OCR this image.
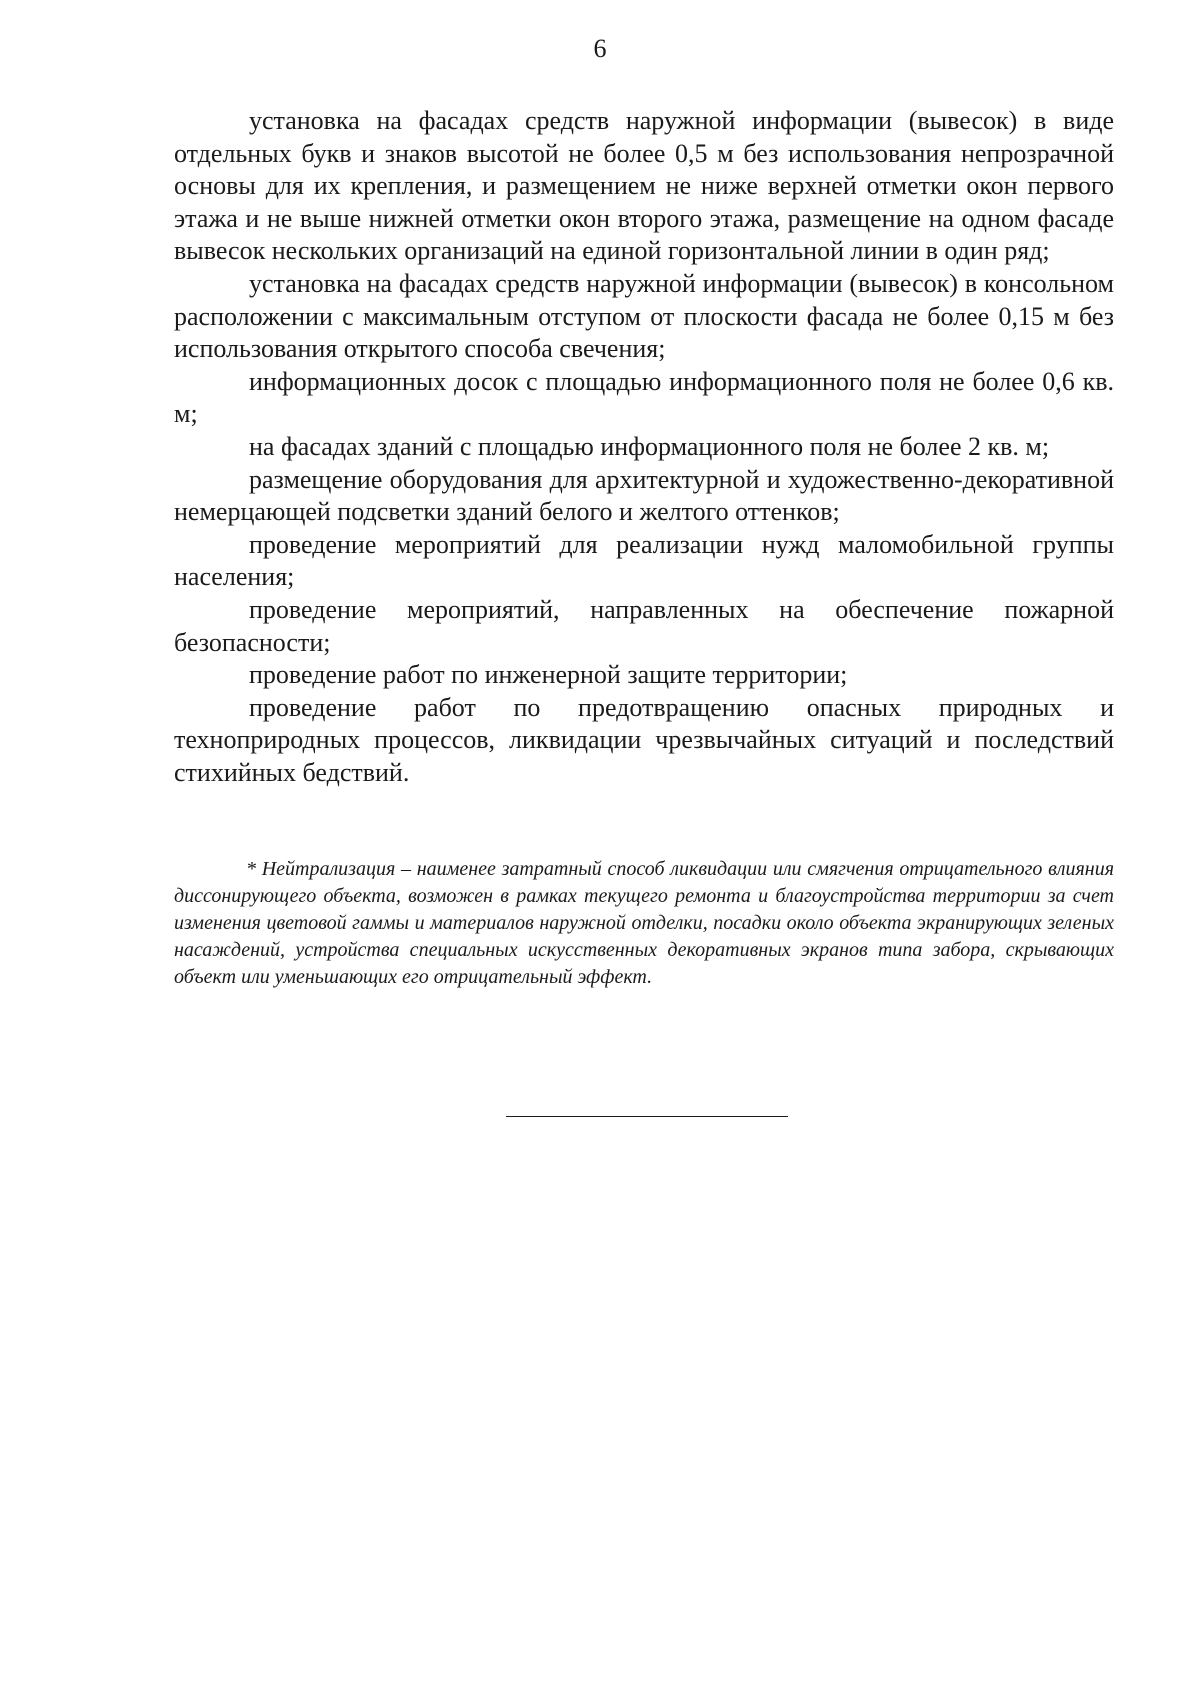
6

установка на фасадах средств наружной информации (вывесок) в виде отдельных букв и знаков высотой не более 0,5 м без использования непрозрачной основы для их крепления, и размещением не ниже верхней отметки окон первого этажа и не выше нижней отметки окон второго этажа, размещение на одном фасаде вывесок нескольких организаций на единой горизонтальной линии в один ряд;

установка на фасадах средств наружной информации (вывесок) в консольном расположении с максимальным отступом от плоскости фасада не более 0,15 м без использования открытого способа свечения;

информационных досок с площадью информационного поля не более 0,6 кв. м;

на фасадах зданий с площадью информационного поля не более 2 кв. м;

размещение оборудования для архитектурной и художественно-декоративной немерцающей подсветки зданий белого и желтого оттенков;

проведение мероприятий для реализации нужд маломобильной группы населения;

проведение мероприятий, направленных на обеспечение пожарной безопасности;

проведение работ по инженерной защите территории;

проведение работ по предотвращению опасных природных и технoприродных процессов, ликвидации чрезвычайных ситуаций и последствий стихийных бедствий.

* Нейтрализация – наименее затратный способ ликвидации или смягчения отрицательного влияния диссонирующего объекта, возможен в рамках текущего ремонта и благоустройства территории за счет изменения цветовой гаммы и материалов наружной отделки, посадки около объекта экранирующих зеленых насаждений, устройства специальных искусственных декоративных экранов типа забора, скрывающих объект или уменьшающих его отрицательный эффект.
